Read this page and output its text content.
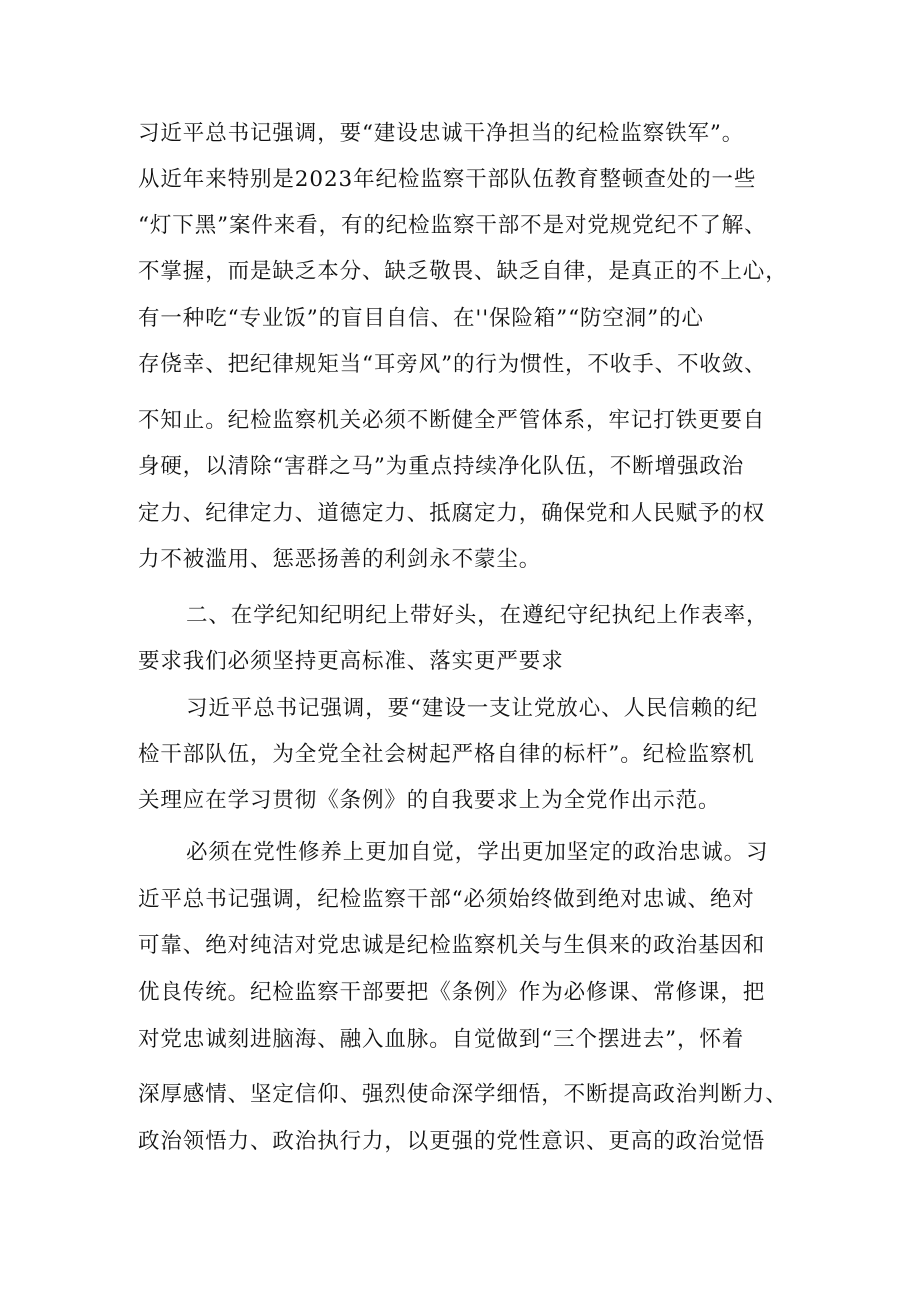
习近平总书记强调，要“建设忠诚干净担当的纪检监察铁军”。
从近年来特别是2023年纪检监察干部队伍教育整顿查处的一些
“灯下黑”案件来看，有的纪检监察干部不是对党规党纪不了解、
不掌握，而是缺乏本分、缺乏敬畏、缺乏自律，是真正的不上心，
有一种吃“专业饭”的盲目自信、在''保险箱”“防空洞”的心
存侥幸、把纪律规矩当“耳旁风”的行为惯性，不收手、不收敛、
不知止。纪检监察机关必须不断健全严管体系，牢记打铁更要自
身硬，以清除“害群之马”为重点持续净化队伍，不断增强政治
定力、纪律定力、道德定力、抵腐定力，确保党和人民赋予的权
力不被滥用、惩恶扬善的利剑永不蒙尘。
二、在学纪知纪明纪上带好头，在遵纪守纪执纪上作表率，
要求我们必须坚持更高标准、落实更严要求
习近平总书记强调，要“建设一支让党放心、人民信赖的纪
检干部队伍，为全党全社会树起严格自律的标杆”。纪检监察机
关理应在学习贯彻《条例》的自我要求上为全党作出示范。
必须在党性修养上更加自觉，学出更加坚定的政治忠诚。习
近平总书记强调，纪检监察干部“必须始终做到绝对忠诚、绝对
可靠、绝对纯洁对党忠诚是纪检监察机关与生俱来的政治基因和
优良传统。纪检监察干部要把《条例》作为必修课、常修课，把
对党忠诚刻进脑海、融入血脉。自觉做到“三个摆进去”，怀着
深厚感情、坚定信仰、强烈使命深学细悟，不断提高政治判断力、
政治领悟力、政治执行力，以更强的党性意识、更高的政治觉悟
